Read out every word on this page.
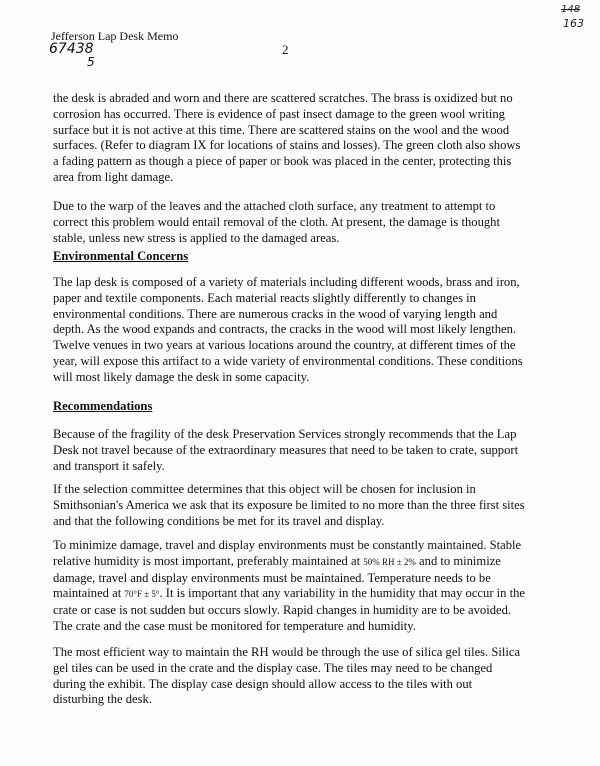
148
163
Jefferson Lap Desk Memo
67438
5
2

the desk is abraded and worn and there are scattered scratches. The brass is oxidized but no corrosion has occurred. There is evidence of past insect damage to the green wool writing surface but it is not active at this time. There are scattered stains on the wool and the wood surfaces. (Refer to diagram IX for locations of stains and losses). The green cloth also shows a fading pattern as though a piece of paper or book was placed in the center, protecting this area from light damage.

Due to the warp of the leaves and the attached cloth surface, any treatment to attempt to correct this problem would entail removal of the cloth. At present, the damage is thought stable, unless new stress is applied to the damaged areas.

Environmental Concerns

The lap desk is composed of a variety of materials including different woods, brass and iron, paper and textile components. Each material reacts slightly differently to changes in environmental conditions. There are numerous cracks in the wood of varying length and depth. As the wood expands and contracts, the cracks in the wood will most likely lengthen. Twelve venues in two years at various locations around the country, at different times of the year, will expose this artifact to a wide variety of environmental conditions. These conditions will most likely damage the desk in some capacity.

Recommendations

Because of the fragility of the desk Preservation Services strongly recommends that the Lap Desk not travel because of the extraordinary measures that need to be taken to crate, support and transport it safely.

If the selection committee determines that this object will be chosen for inclusion in Smithsonian's America we ask that its exposure be limited to no more than the three first sites and that the following conditions be met for its travel and display.

To minimize damage, travel and display environments must be constantly maintained. Stable relative humidity is most important, preferably maintained at 50% RH ± 2% and to minimize damage, travel and display environments must be maintained. Temperature needs to be maintained at 70°F ± 5°. It is important that any variability in the humidity that may occur in the crate or case is not sudden but occurs slowly. Rapid changes in humidity are to be avoided. The crate and the case must be monitored for temperature and humidity.

The most efficient way to maintain the RH would be through the use of silica gel tiles. Silica gel tiles can be used in the crate and the display case. The tiles may need to be changed during the exhibit. The display case design should allow access to the tiles with out disturbing the desk.
